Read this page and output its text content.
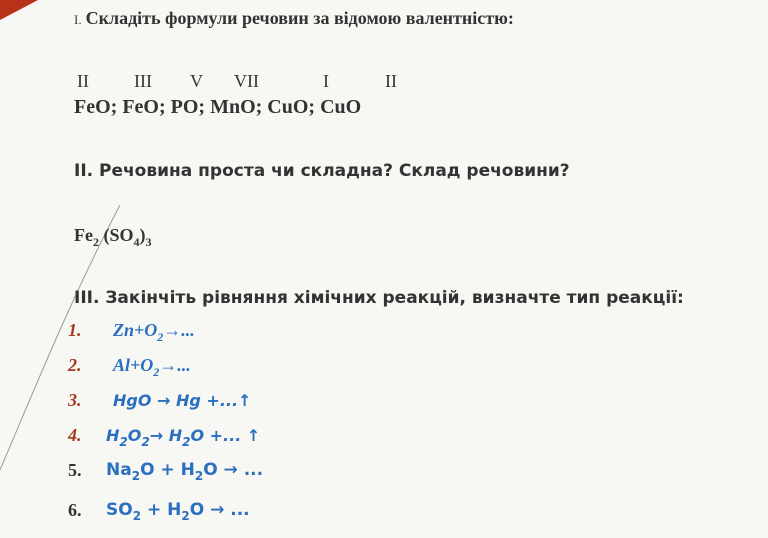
I. Складіть формули речовин за відомою валентністю:
II	III V VII	I	II
FeO; FeO; PO; MnO; CuO; CuO
II. Речовина проста чи складна? Склад речовини?
$Fe_2$ $(SO_4)_3$
III. Закінчіть рівняння хімічних реакцій, визначте тип реакції:
1. $Zn+O_2\to$...
2. $Al+O_2\to$...
3. HgO → Hg +...↑
4. $H_2O_2\to H_2O$ +... ↑
5. $Na_2O + H_2O$ → ...
6. $SO_2 + H_2O$ → ...
